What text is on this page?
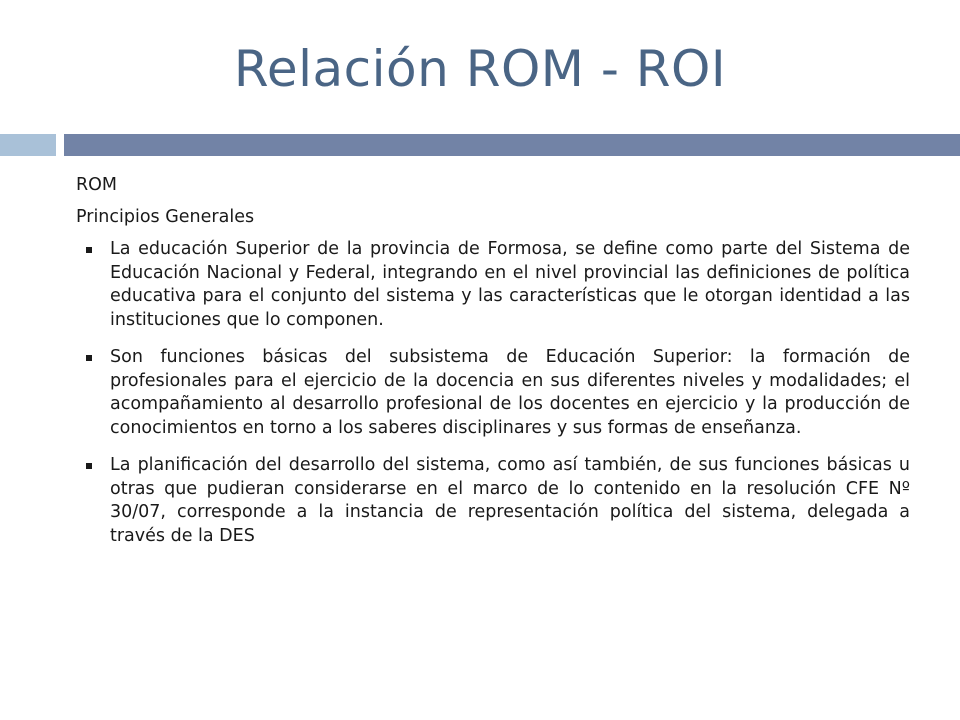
Relación ROM - ROI

ROM

Principios Generales

La educación Superior de la provincia de Formosa, se define como parte del Sistema de Educación Nacional y Federal, integrando en el nivel provincial las definiciones de política educativa para el conjunto del sistema y las características que le otorgan identidad a las instituciones que lo componen.
Son funciones básicas del subsistema de Educación Superior: la formación de profesionales para el ejercicio de la docencia en sus diferentes niveles y modalidades; el acompañamiento al desarrollo profesional de los docentes en ejercicio y la producción de conocimientos en torno a los saberes disciplinares y sus formas de enseñanza.
La planificación del desarrollo del sistema, como así también, de sus funciones básicas u otras que pudieran considerarse en el marco de lo contenido en la resolución CFE Nº 30/07, corresponde a la instancia de representación política del sistema, delegada a través de la DES
